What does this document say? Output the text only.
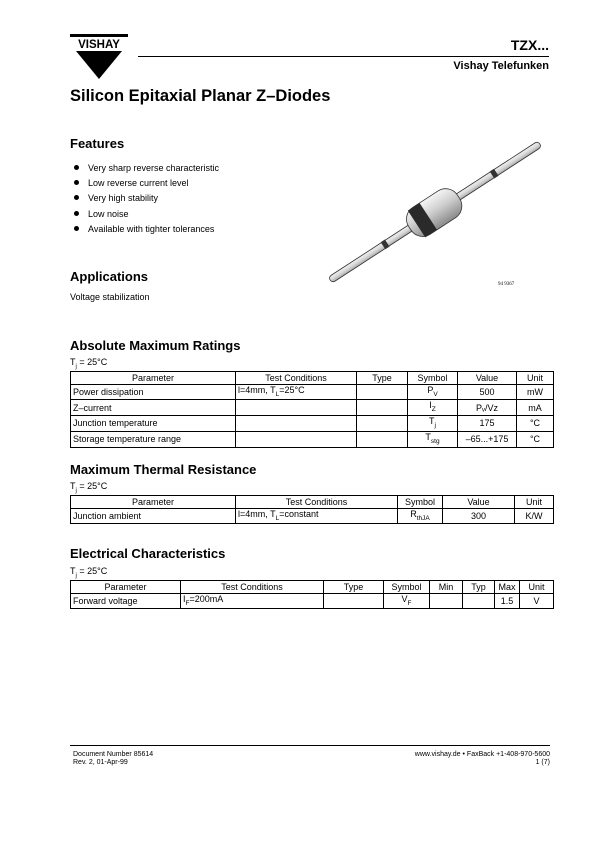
VISHAY	TZX...
Vishay Telefunken
Silicon Epitaxial Planar Z–Diodes
Features
Very sharp reverse characteristic
Low reverse current level
Very high stability
Low noise
Available with tighter tolerances
94 9367
Applications
Voltage stabilization
Absolute Maximum Ratings
$T_j = 25^\circ C$
Parameter	Test Conditions	Type	Symbol	Value	Unit
Power dissipation	l=4mm, $T_L=25^\circ C$		$P_V$	500	mW
Z–current			$I_Z$	Pᵥ/Vᴢ	mA
Junction temperature			$T_j$	175	°C
Storage temperature range			$T_{stg}$	–65...+175	°C
Maximum Thermal Resistance
$T_j = 25^\circ C$
Parameter	Test Conditions	Symbol	Value	Unit
Junction ambient	l=4mm, $T_L=constant$	$R_{thJA}$	300	K/W
Electrical Characteristics
$T_j = 25^\circ C$
Parameter	Test Conditions	Type	Symbol	Min	Typ	Max	Unit
Forward voltage	$I_F=200mA$		$V_F$			1.5	V
Document Number 85614
Rev. 2, 01-Apr-99
www.vishay.de • FaxBack +1-408-970-5600
1 (7)
